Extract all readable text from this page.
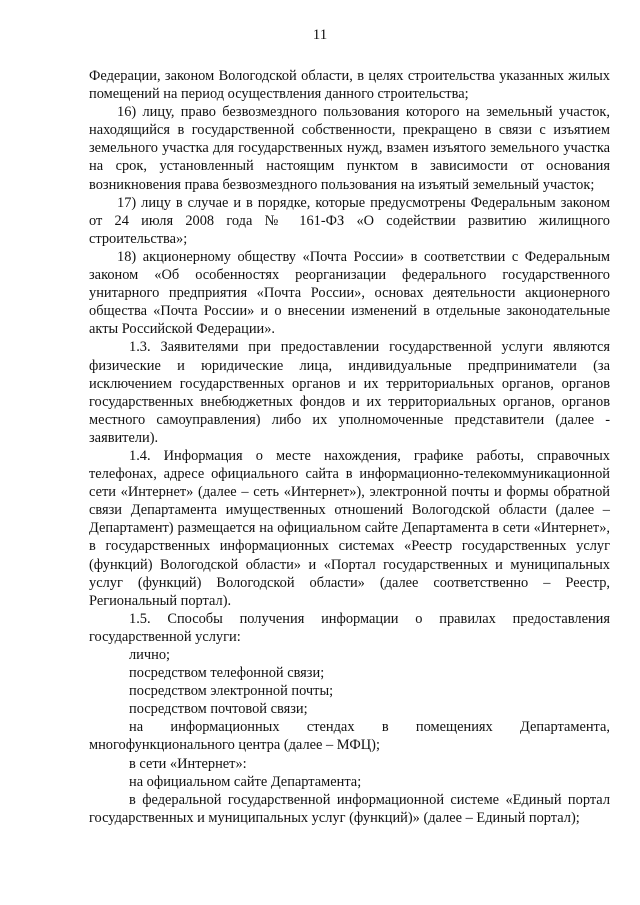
11

Федерации, законом Вологодской области, в целях строительства указанных жилых помещений на период осуществления данного строительства;

16) лицу, право безвозмездного пользования которого на земельный участок, находящийся в государственной собственности, прекращено в связи с изъятием земельного участка для государственных нужд, взамен изъятого земельного участка на срок, установленный настоящим пунктом в зависимости от основания возникновения права безвозмездного пользования на изъятый земельный участок;

17) лицу в случае и в порядке, которые предусмотрены Федеральным законом от 24 июля 2008 года № 161-ФЗ «О содействии развитию жилищного строительства»;

18) акционерному обществу «Почта России» в соответствии с Федеральным законом «Об особенностях реорганизации федерального государственного унитарного предприятия «Почта России», основах деятельности акционерного общества «Почта России» и о внесении изменений в отдельные законодательные акты Российской Федерации».

1.3. Заявителями при предоставлении государственной услуги являются физические и юридические лица, индивидуальные предприниматели (за исключением государственных органов и их территориальных органов, органов государственных внебюджетных фондов и их территориальных органов, органов местного самоуправления) либо их уполномоченные представители (далее - заявители).

1.4. Информация о месте нахождения, графике работы, справочных телефонах, адресе официального сайта в информационно-телекоммуникационной сети «Интернет» (далее – сеть «Интернет»), электронной почты и формы обратной связи Департамента имущественных отношений Вологодской области (далее – Департамент) размещается на официальном сайте Департамента в сети «Интернет», в государственных информационных системах «Реестр государственных услуг (функций) Вологодской области» и «Портал государственных и муниципальных услуг (функций) Вологодской области» (далее соответственно – Реестр, Региональный портал).

1.5. Способы получения информации о правилах предоставления государственной услуги:

лично;

посредством телефонной связи;

посредством электронной почты;

посредством почтовой связи;

на информационных стендах в помещениях Департамента, многофункционального центра (далее – МФЦ);

в сети «Интернет»:

на официальном сайте Департамента;

в федеральной государственной информационной системе «Единый портал государственных и муниципальных услуг (функций)» (далее – Единый портал);
